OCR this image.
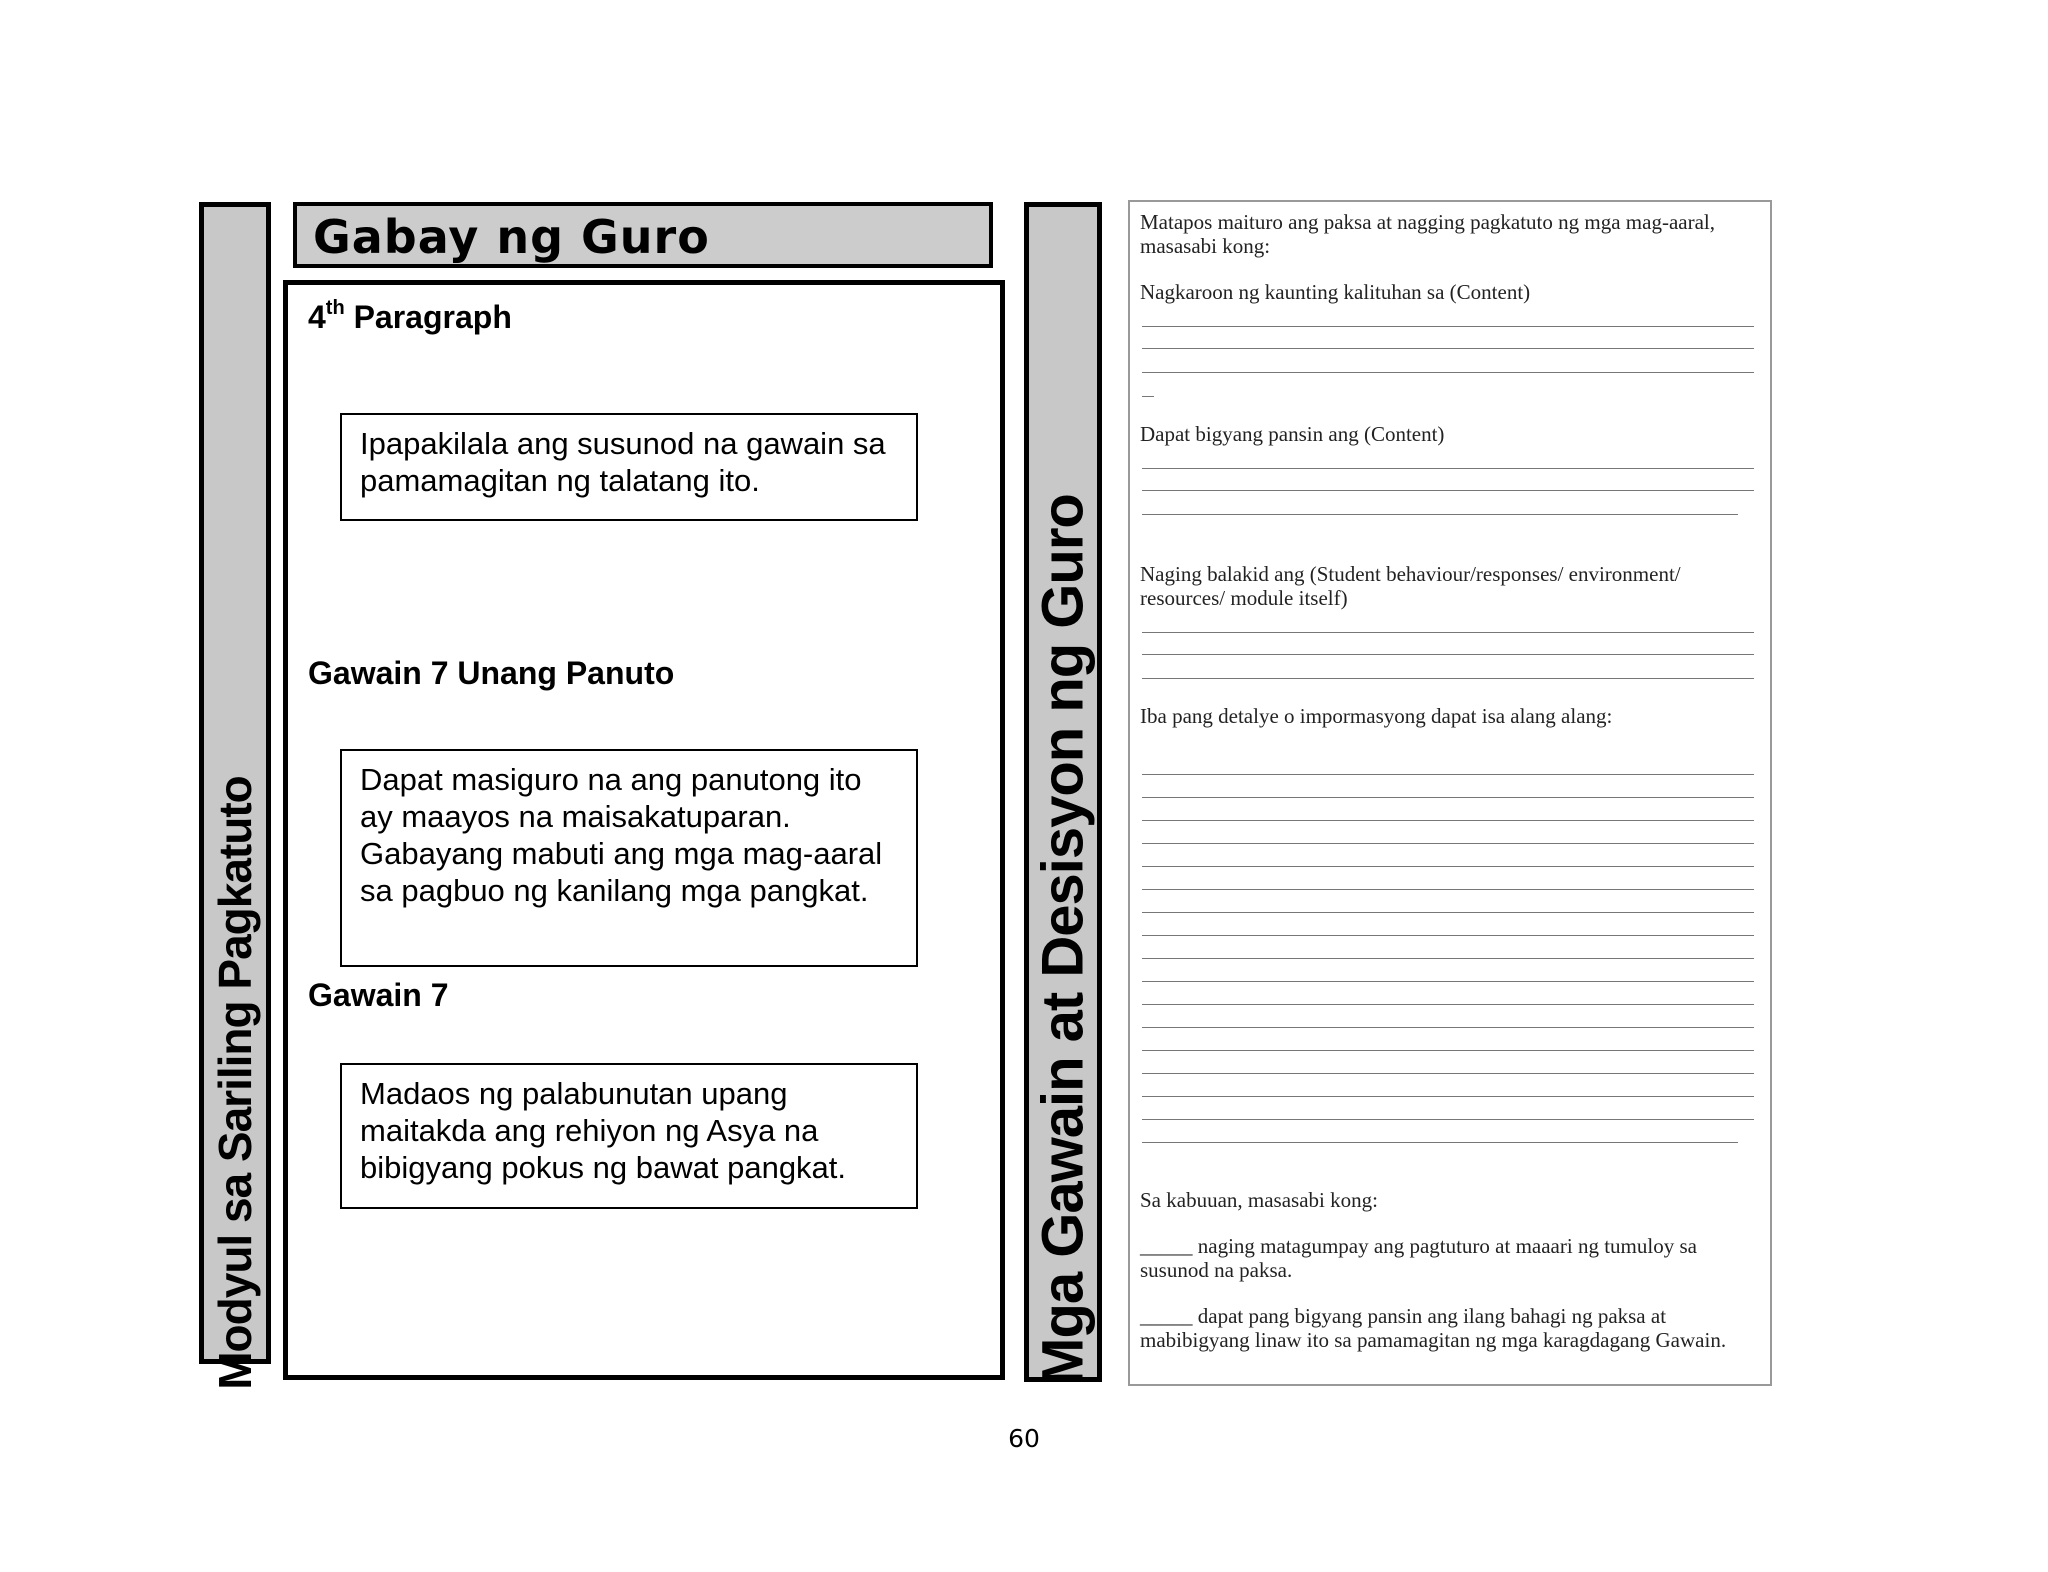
Modyul sa Sariling Pagkatuto
Gabay ng Guro
4th Paragraph
Ipapakilala ang susunod na gawain sa pamamagitan ng talatang ito.
Gawain 7 Unang Panuto
Dapat masiguro na ang panutong ito ay maayos na maisakatuparan. Gabayang mabuti ang mga mag-aaral sa pagbuo ng kanilang mga pangkat.
Gawain 7
Madaos ng palabunutan upang maitakda ang rehiyon ng Asya na bibigyang pokus ng bawat pangkat.	Mga Gawain at Desisyon ng Guro
Matapos maituro ang paksa at nagging pagkatuto ng mga mag-aaral, masasabi kong:
Nagkaroon ng kaunting kalituhan sa (Content)
Dapat bigyang pansin ang (Content)
Naging balakid ang (Student behaviour/responses/ environment/ resources/ module itself)
Iba pang detalye o impormasyong dapat isa alang alang:
Sa kabuuan, masasabi kong:
_____ naging matagumpay ang pagtuturo at maaari ng tumuloy sa susunod na paksa.
_____ dapat pang bigyang pansin ang ilang bahagi ng paksa at mabibigyang linaw ito sa pamamagitan ng mga karagdagang Gawain.
60
